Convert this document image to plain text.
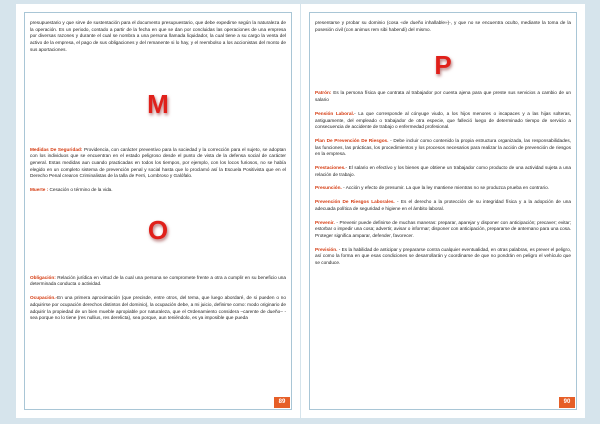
presupuestario y que sirve de sustentación para el documento presupuestario, que debe expedirse según la naturaleza de la operación. Es un periodo, contado a partir de la fecha en que se dan por concluidas las operaciones de una empresa por diversas razones y durante el cual se nombra a una persona llamada liquidador, la cual tiene a su cargo la venta del activo de la empresa, el pago de sus obligaciones y del remanente si lo hay, y el reembolso a los accionistas del monto de sus aportaciones.

M

Medidas De Seguridad: Providencia, con carácter preventivo para la sociedad y la corrección para el sujeto, se adoptan con los individuos que se encuentran en el estado peligroso desde el punto de vista de la defensa social de carácter general. Estas medidas aun cuando practicadas en todos los tiempos, por ejemplo, con los locos furiosos, no se había elegido en un completo sistema de prevención penal y social hasta que lo proclamó así la Escuela Positivista que en el Derecho Penal crearon Criminalistas de la talla de Ferri, Lombroso y Galófalo.

Muerte : Cesación o término de la vida.

O

Obligación: Relación jurídica en virtud de la cual una persona se compromete frente a otra a cumplir en su beneficio una determinada conducta o actividad.

Ocupación.-En una primera aproximación (que precisde, entre otros, del tema, que luego abordaré, de si pueden o no adquirirse por ocupación derechos distintos del dominio), la ocupación debe, a mi juicio, definirse como: modo originario de adquirir la propiedad de un bien mueble apropiable por naturaleza, que el Ordenamiento considera –carente de dueño– -sea porque no lo tiene (res nullius, res derelicta), sea porque, aun teniéndolo, es ya imposible que pueda

89

presentarse y probar su dominio (cosa «de dueño inhallable»)-, y que no se encuentra oculto, mediante la toma de la posesión civil (con animus rem sibi habendi) del mismo.

P

Patrón: Es la persona física que contrata al trabajador por cuenta ajena para que preste sus servicios a cambio de un salario

Pensión Laboral.- La que corresponde al cónyuge viudo, a los hijos menores o incapaces y a las hijas solteras, antiguamente, del empleado o trabajador de otra especie, que falleció luego de determinado tiempo de servicio a consecuencia de accidente de trabajo o enfermedad profesional.

Plan De Prevención De Riesgos. - Debe incluir como contenido la propia estructura organizada, las responsabilidades, las funciones, las prácticas, los procedimientos y los procesos necesarios para realizar la acción de prevención de riesgos en la empresa.

Prestaciones.- El salario en efectivo y los bienes que obtiene un trabajador como producto de una actividad sujeta a una relación de trabajo.

Presunción. - Acción y efecto de presumir. La que la ley mantiene mientras no se produzca prueba en contrario.

Prevención De Riesgos Laborales. - Es el derecho a la protección de su integridad física y a la adopción de una adecuada política de seguridad e higiene en el ámbito laboral.

Prevenir. - Prevenir puede definirse de muchas maneras: preparar, aparejar y disponer con anticipación; precaver; evitar; estorbar o impedir una cosa; advertir, avisar o informar; disponer con anticipación, prepararse de antemano para una cosa. Proteger significa amparar, defender, favorecer.

Previsión. - Es la habilidad de anticipar y prepararse contra cualquier eventualidad, en otras palabras, es prever el peligro, así como la forma en que esas condiciones se desarrollarán y coordinarse de que no pondrán en peligro el vehículo que se conduce.

90
